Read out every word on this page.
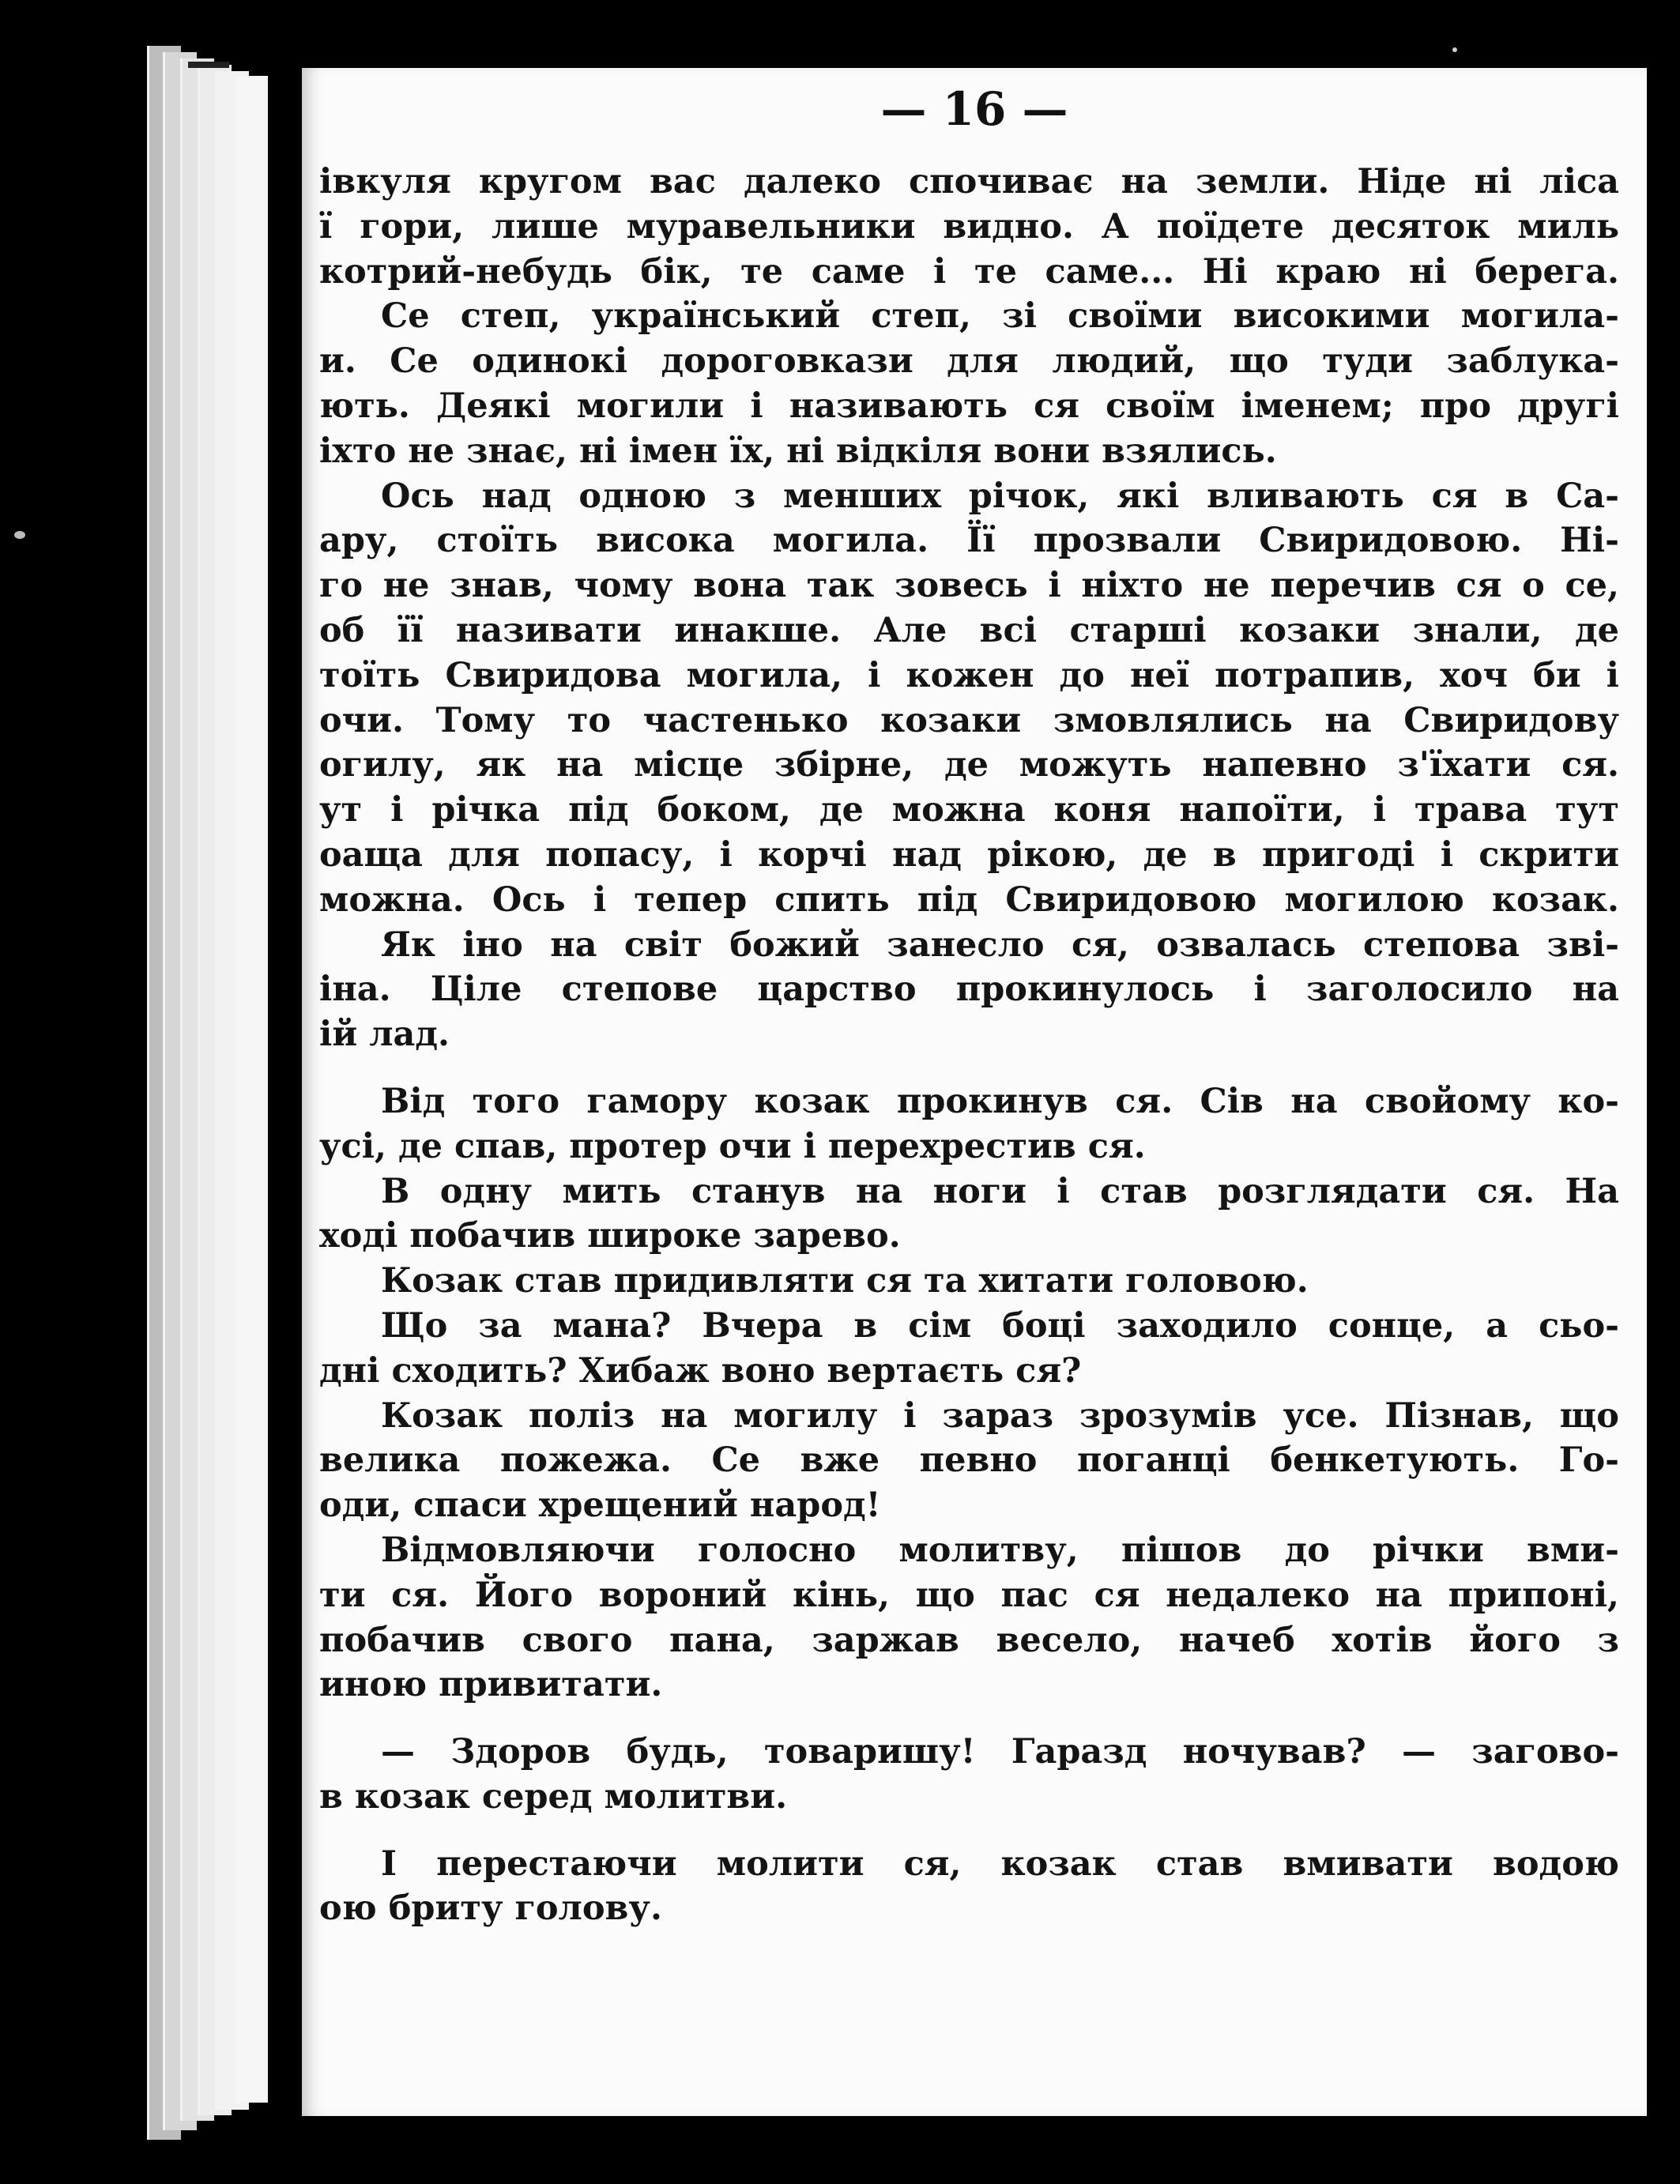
— 16 —
івкуля кругом вас далеко спочиває на земли. Ніде ні ліса
ї гори, лише муравельники видно. А поїдете десяток миль
котрий-небудь бік, те саме і те саме... Ні краю ні берега.
Се степ, український степ, зі своїми високими могила-
и. Се одинокі дороговкази для людий, що туди заблука-
ють. Деякі могили і називають ся своїм іменем; про другі
іхто не знає, ні імен їх, ні відкіля вони взялись.
Ось над одною з менших річок, які вливають ся в Са-
ару, стоїть висока могила. Її прозвали Свиридовою. Ні-
го не знав, чому вона так зовесь і ніхто не перечив ся о се,
об її називати инакше. Але всі старші козаки знали, де
тоїть Свиридова могила, і кожен до неї потрапив, хоч би і
очи. Тому то частенько козаки змовлялись на Свиридову
огилу, як на місце збірне, де можуть напевно з'їхати ся.
ут і річка під боком, де можна коня напоїти, і трава тут
оаща для попасу, і корчі над рікою, де в пригоді і скрити
можна. Ось і тепер спить під Свиридовою могилою козак.
Як іно на світ божий занесло ся, озвалась степова зві-
іна. Ціле степове царство прокинулось і заголосило на
ій лад.
Від того гамору козак прокинув ся. Сів на свойому ко-
усі, де спав, протер очи і перехрестив ся.
В одну мить станув на ноги і став розглядати ся. На
ході побачив широке зарево.
Козак став придивляти ся та хитати головою.
Що за мана? Вчера в сім боці заходило сонце, а сьо-
дні сходить? Хибаж воно вертаєть ся?
Козак поліз на могилу і зараз зрозумів усе. Пізнав, що
велика пожежа. Се вже певно поганці бенкетують. Го-
оди, спаси хрещений народ!
Відмовляючи голосно молитву, пішов до річки вми-
ти ся. Його вороний кінь, що пас ся недалеко на припоні,
побачив свого пана, заржав весело, начеб хотів його з
иною привитати.
— Здоров будь, товаришу! Гаразд ночував? — загово-
в козак серед молитви.
І перестаючи молити ся, козак став вмивати водою
ою бриту голову.
